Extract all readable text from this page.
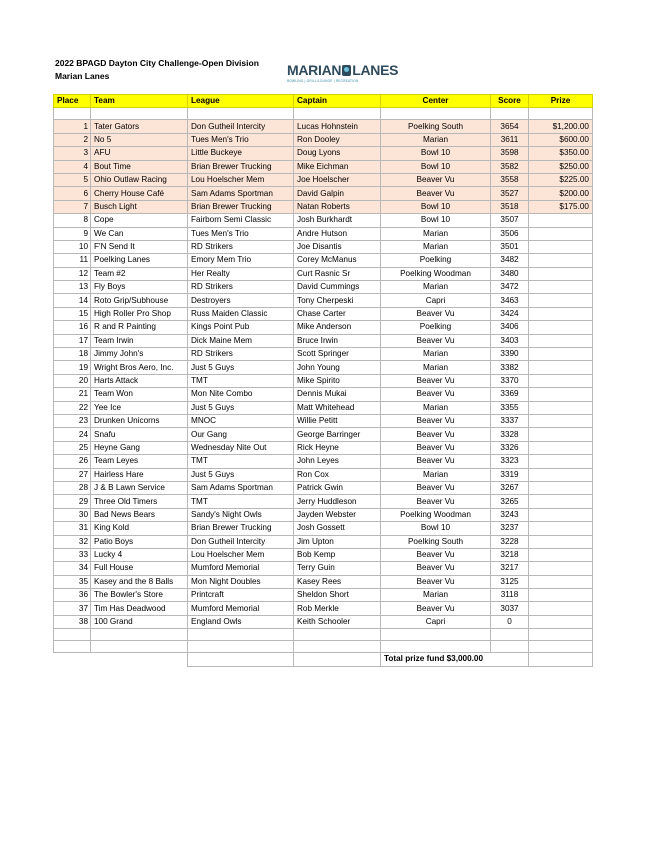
2022 BPAGD Dayton City Challenge-Open Division
Marian Lanes	MARIAN LANES
BOWLING | GRILL/LOUNGE | RECREATION
Place	Team	League	Captain	Center	Score	Prize

1	Tater Gators	Don Gutheil Intercity	Lucas Hohnstein	Poelking South	3654	$1,200.00
2	No 5	Tues Men's Trio	Ron Dooley	Marian	3611	$600.00
3	AFU	Little Buckeye	Doug Lyons	Bowl 10	3598	$350.00
4	Bout Time	Brian Brewer Trucking	Mike Eichman	Bowl 10	3582	$250.00
5	Ohio Outlaw Racing	Lou Hoelscher Mem	Joe Hoelscher	Beaver Vu	3558	$225.00
6	Cherry House Café	Sam Adams Sportman	David Galpin	Beaver Vu	3527	$200.00
7	Busch Light	Brian Brewer Trucking	Natan Roberts	Bowl 10	3518	$175.00
8	Cope	Fairborn Semi Classic	Josh Burkhardt	Bowl 10	3507	
9	We Can	Tues Men's Trio	Andre Hutson	Marian	3506	
10	F'N Send It	RD Strikers	Joe Disantis	Marian	3501	
11	Poelking Lanes	Emory Mem Trio	Corey McManus	Poelking	3482	
12	Team #2	Her Realty	Curt Rasnic Sr	Poelking Woodman	3480	
13	Fly Boys	RD Strikers	David Cummings	Marian	3472	
14	Roto Grip/Subhouse	Destroyers	Tony Cherpeski	Capri	3463	
15	High Roller Pro Shop	Russ Maiden Classic	Chase Carter	Beaver Vu	3424	
16	R and R Painting	Kings Point Pub	Mike Anderson	Poelking	3406	
17	Team Irwin	Dick Maine Mem	Bruce Irwin	Beaver Vu	3403	
18	Jimmy John's	RD Strikers	Scott Springer	Marian	3390	
19	Wright Bros Aero, Inc.	Just 5 Guys	John Young	Marian	3382	
20	Harts Attack	TMT	Mike Spirito	Beaver Vu	3370	
21	Team Won	Mon Nite Combo	Dennis Mukai	Beaver Vu	3369	
22	Yee Ice	Just 5 Guys	Matt Whitehead	Marian	3355	
23	Drunken Unicorns	MNOC	Willie Petitt	Beaver Vu	3337	
24	Snafu	Our Gang	George Barringer	Beaver Vu	3328	
25	Heyne Gang	Wednesday Nite Out	Rick Heyne	Beaver Vu	3326	
26	Team Leyes	TMT	John Leyes	Beaver Vu	3323	
27	Hairless Hare	Just 5 Guys	Ron Cox	Marian	3319	
28	J & B Lawn Service	Sam Adams Sportman	Patrick Gwin	Beaver Vu	3267	
29	Three Old Timers	TMT	Jerry Huddleson	Beaver Vu	3265	
30	Bad News Bears	Sandy's Night Owls	Jayden Webster	Poelking Woodman	3243	
31	King Kold	Brian Brewer Trucking	Josh Gossett	Bowl 10	3237	
32	Patio Boys	Don Gutheil Intercity	Jim Upton	Poelking South	3228	
33	Lucky 4	Lou Hoelscher Mem	Bob Kemp	Beaver Vu	3218	
34	Full House	Mumford Memorial	Terry Guin	Beaver Vu	3217	
35	Kasey and the 8 Balls	Mon Night Doubles	Kasey Rees	Beaver Vu	3125	
36	The Bowler's Store	Printcraft	Sheldon Short	Marian	3118	
37	Tim Has Deadwood	Mumford Memorial	Rob Merkle	Beaver Vu	3037	
38	100 Grand	England Owls	Keith Schooler	Capri	0	

				Total prize fund $3,000.00		
